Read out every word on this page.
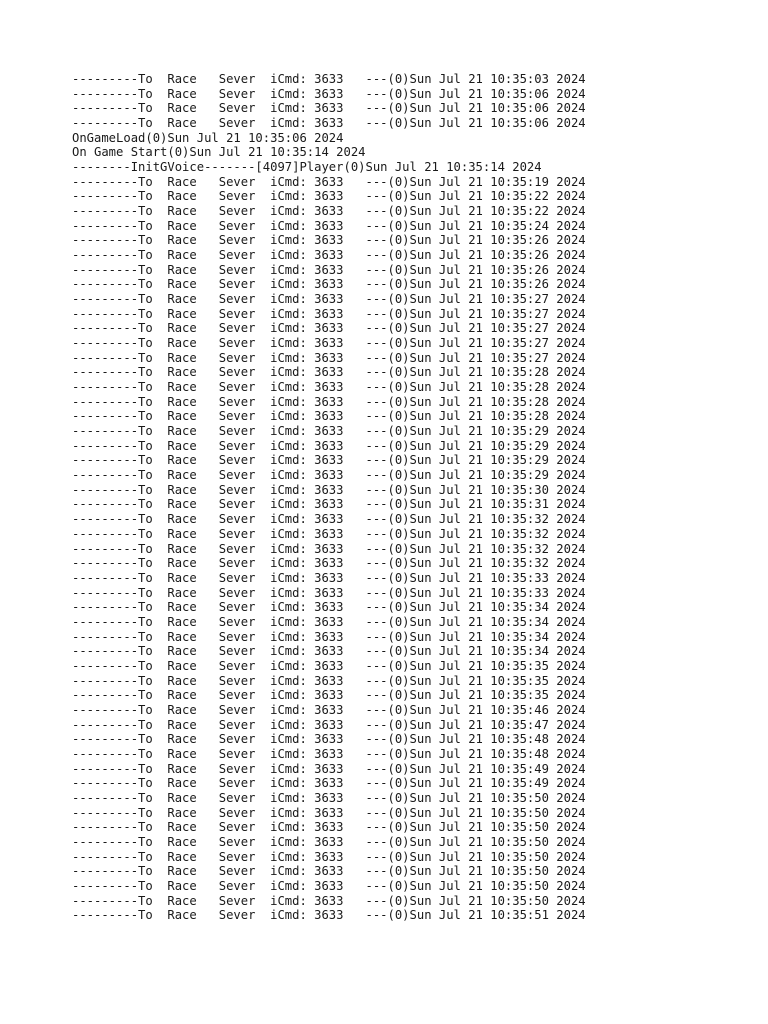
---------To  Race   Sever  iCmd: 3633   ---(0)Sun Jul 21 10:35:03 2024
---------To  Race   Sever  iCmd: 3633   ---(0)Sun Jul 21 10:35:06 2024
---------To  Race   Sever  iCmd: 3633   ---(0)Sun Jul 21 10:35:06 2024
---------To  Race   Sever  iCmd: 3633   ---(0)Sun Jul 21 10:35:06 2024
OnGameLoad(0)Sun Jul 21 10:35:06 2024
On Game Start(0)Sun Jul 21 10:35:14 2024
--------InitGVoice-------[4097]Player(0)Sun Jul 21 10:35:14 2024
---------To  Race   Sever  iCmd: 3633   ---(0)Sun Jul 21 10:35:19 2024
---------To  Race   Sever  iCmd: 3633   ---(0)Sun Jul 21 10:35:22 2024
---------To  Race   Sever  iCmd: 3633   ---(0)Sun Jul 21 10:35:22 2024
---------To  Race   Sever  iCmd: 3633   ---(0)Sun Jul 21 10:35:24 2024
---------To  Race   Sever  iCmd: 3633   ---(0)Sun Jul 21 10:35:26 2024
---------To  Race   Sever  iCmd: 3633   ---(0)Sun Jul 21 10:35:26 2024
---------To  Race   Sever  iCmd: 3633   ---(0)Sun Jul 21 10:35:26 2024
---------To  Race   Sever  iCmd: 3633   ---(0)Sun Jul 21 10:35:26 2024
---------To  Race   Sever  iCmd: 3633   ---(0)Sun Jul 21 10:35:27 2024
---------To  Race   Sever  iCmd: 3633   ---(0)Sun Jul 21 10:35:27 2024
---------To  Race   Sever  iCmd: 3633   ---(0)Sun Jul 21 10:35:27 2024
---------To  Race   Sever  iCmd: 3633   ---(0)Sun Jul 21 10:35:27 2024
---------To  Race   Sever  iCmd: 3633   ---(0)Sun Jul 21 10:35:27 2024
---------To  Race   Sever  iCmd: 3633   ---(0)Sun Jul 21 10:35:28 2024
---------To  Race   Sever  iCmd: 3633   ---(0)Sun Jul 21 10:35:28 2024
---------To  Race   Sever  iCmd: 3633   ---(0)Sun Jul 21 10:35:28 2024
---------To  Race   Sever  iCmd: 3633   ---(0)Sun Jul 21 10:35:28 2024
---------To  Race   Sever  iCmd: 3633   ---(0)Sun Jul 21 10:35:29 2024
---------To  Race   Sever  iCmd: 3633   ---(0)Sun Jul 21 10:35:29 2024
---------To  Race   Sever  iCmd: 3633   ---(0)Sun Jul 21 10:35:29 2024
---------To  Race   Sever  iCmd: 3633   ---(0)Sun Jul 21 10:35:29 2024
---------To  Race   Sever  iCmd: 3633   ---(0)Sun Jul 21 10:35:30 2024
---------To  Race   Sever  iCmd: 3633   ---(0)Sun Jul 21 10:35:31 2024
---------To  Race   Sever  iCmd: 3633   ---(0)Sun Jul 21 10:35:32 2024
---------To  Race   Sever  iCmd: 3633   ---(0)Sun Jul 21 10:35:32 2024
---------To  Race   Sever  iCmd: 3633   ---(0)Sun Jul 21 10:35:32 2024
---------To  Race   Sever  iCmd: 3633   ---(0)Sun Jul 21 10:35:32 2024
---------To  Race   Sever  iCmd: 3633   ---(0)Sun Jul 21 10:35:33 2024
---------To  Race   Sever  iCmd: 3633   ---(0)Sun Jul 21 10:35:33 2024
---------To  Race   Sever  iCmd: 3633   ---(0)Sun Jul 21 10:35:34 2024
---------To  Race   Sever  iCmd: 3633   ---(0)Sun Jul 21 10:35:34 2024
---------To  Race   Sever  iCmd: 3633   ---(0)Sun Jul 21 10:35:34 2024
---------To  Race   Sever  iCmd: 3633   ---(0)Sun Jul 21 10:35:34 2024
---------To  Race   Sever  iCmd: 3633   ---(0)Sun Jul 21 10:35:35 2024
---------To  Race   Sever  iCmd: 3633   ---(0)Sun Jul 21 10:35:35 2024
---------To  Race   Sever  iCmd: 3633   ---(0)Sun Jul 21 10:35:35 2024
---------To  Race   Sever  iCmd: 3633   ---(0)Sun Jul 21 10:35:46 2024
---------To  Race   Sever  iCmd: 3633   ---(0)Sun Jul 21 10:35:47 2024
---------To  Race   Sever  iCmd: 3633   ---(0)Sun Jul 21 10:35:48 2024
---------To  Race   Sever  iCmd: 3633   ---(0)Sun Jul 21 10:35:48 2024
---------To  Race   Sever  iCmd: 3633   ---(0)Sun Jul 21 10:35:49 2024
---------To  Race   Sever  iCmd: 3633   ---(0)Sun Jul 21 10:35:49 2024
---------To  Race   Sever  iCmd: 3633   ---(0)Sun Jul 21 10:35:50 2024
---------To  Race   Sever  iCmd: 3633   ---(0)Sun Jul 21 10:35:50 2024
---------To  Race   Sever  iCmd: 3633   ---(0)Sun Jul 21 10:35:50 2024
---------To  Race   Sever  iCmd: 3633   ---(0)Sun Jul 21 10:35:50 2024
---------To  Race   Sever  iCmd: 3633   ---(0)Sun Jul 21 10:35:50 2024
---------To  Race   Sever  iCmd: 3633   ---(0)Sun Jul 21 10:35:50 2024
---------To  Race   Sever  iCmd: 3633   ---(0)Sun Jul 21 10:35:50 2024
---------To  Race   Sever  iCmd: 3633   ---(0)Sun Jul 21 10:35:50 2024
---------To  Race   Sever  iCmd: 3633   ---(0)Sun Jul 21 10:35:51 2024
